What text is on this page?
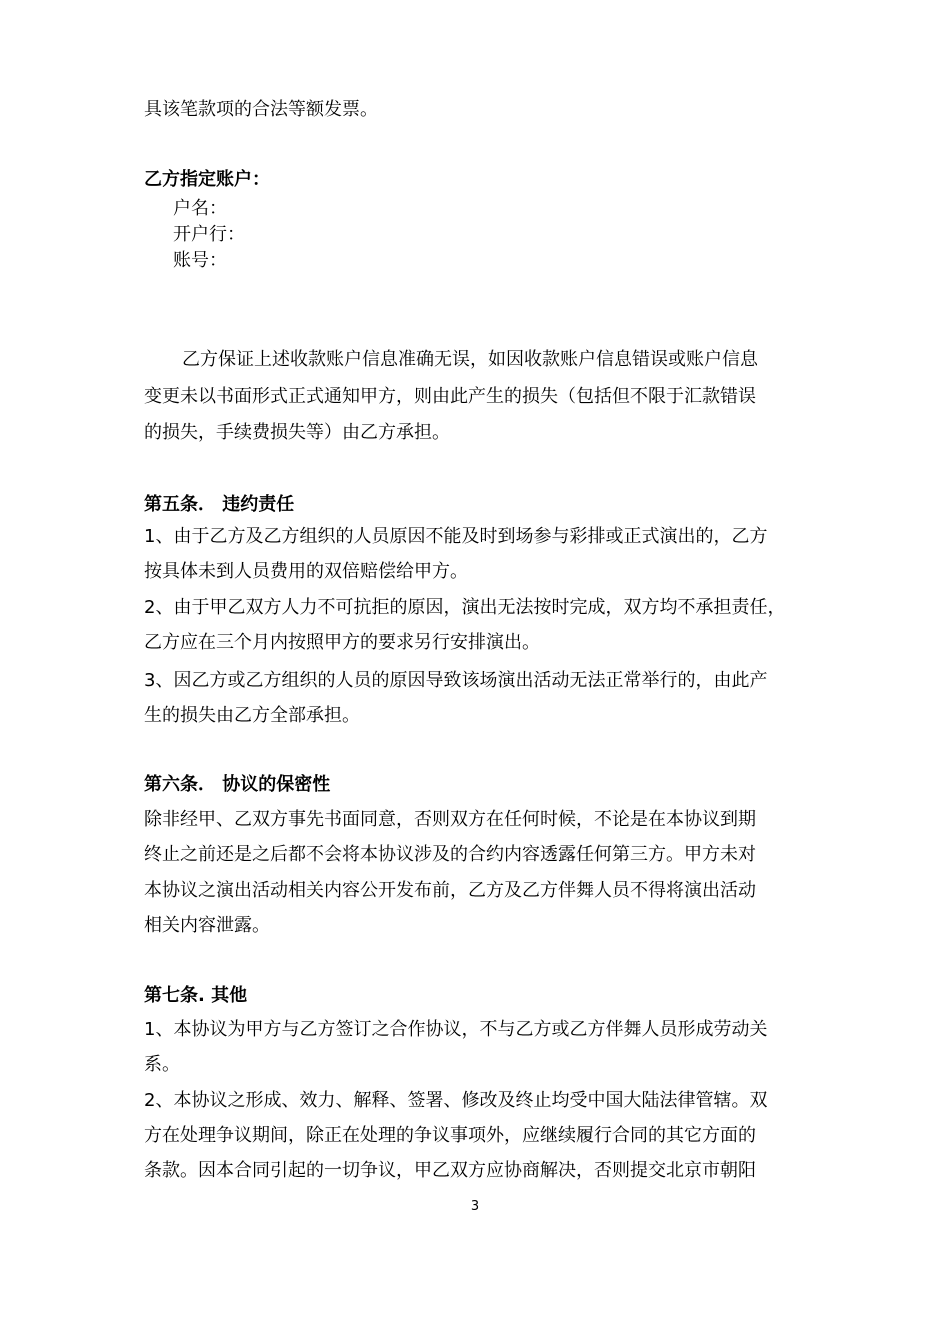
具该笔款项的合法等额发票。
乙方指定账户：
户名：
开户行：
账号：
乙方保证上述收款账户信息准确无误，如因收款账户信息错误或账户信息
变更未以书面形式正式通知甲方，则由此产生的损失（包括但不限于汇款错误
的损失，手续费损失等）由乙方承担。
第五条． 违约责任
1、由于乙方及乙方组织的人员原因不能及时到场参与彩排或正式演出的，乙方
按具体未到人员费用的双倍赔偿给甲方。
2、由于甲乙双方人力不可抗拒的原因，演出无法按时完成，双方均不承担责任，
乙方应在三个月内按照甲方的要求另行安排演出。
3、因乙方或乙方组织的人员的原因导致该场演出活动无法正常举行的，由此产
生的损失由乙方全部承担。
第六条． 协议的保密性
除非经甲、乙双方事先书面同意，否则双方在任何时候，不论是在本协议到期
终止之前还是之后都不会将本协议涉及的合约内容透露任何第三方。甲方未对
本协议之演出活动相关内容公开发布前，乙方及乙方伴舞人员不得将演出活动
相关内容泄露。
第七条. 其他
1、本协议为甲方与乙方签订之合作协议，不与乙方或乙方伴舞人员形成劳动关
系。
2、本协议之形成、效力、解释、签署、修改及终止均受中国大陆法律管辖。双
方在处理争议期间，除正在处理的争议事项外，应继续履行合同的其它方面的
条款。因本合同引起的一切争议，甲乙双方应协商解决，否则提交北京市朝阳
3
